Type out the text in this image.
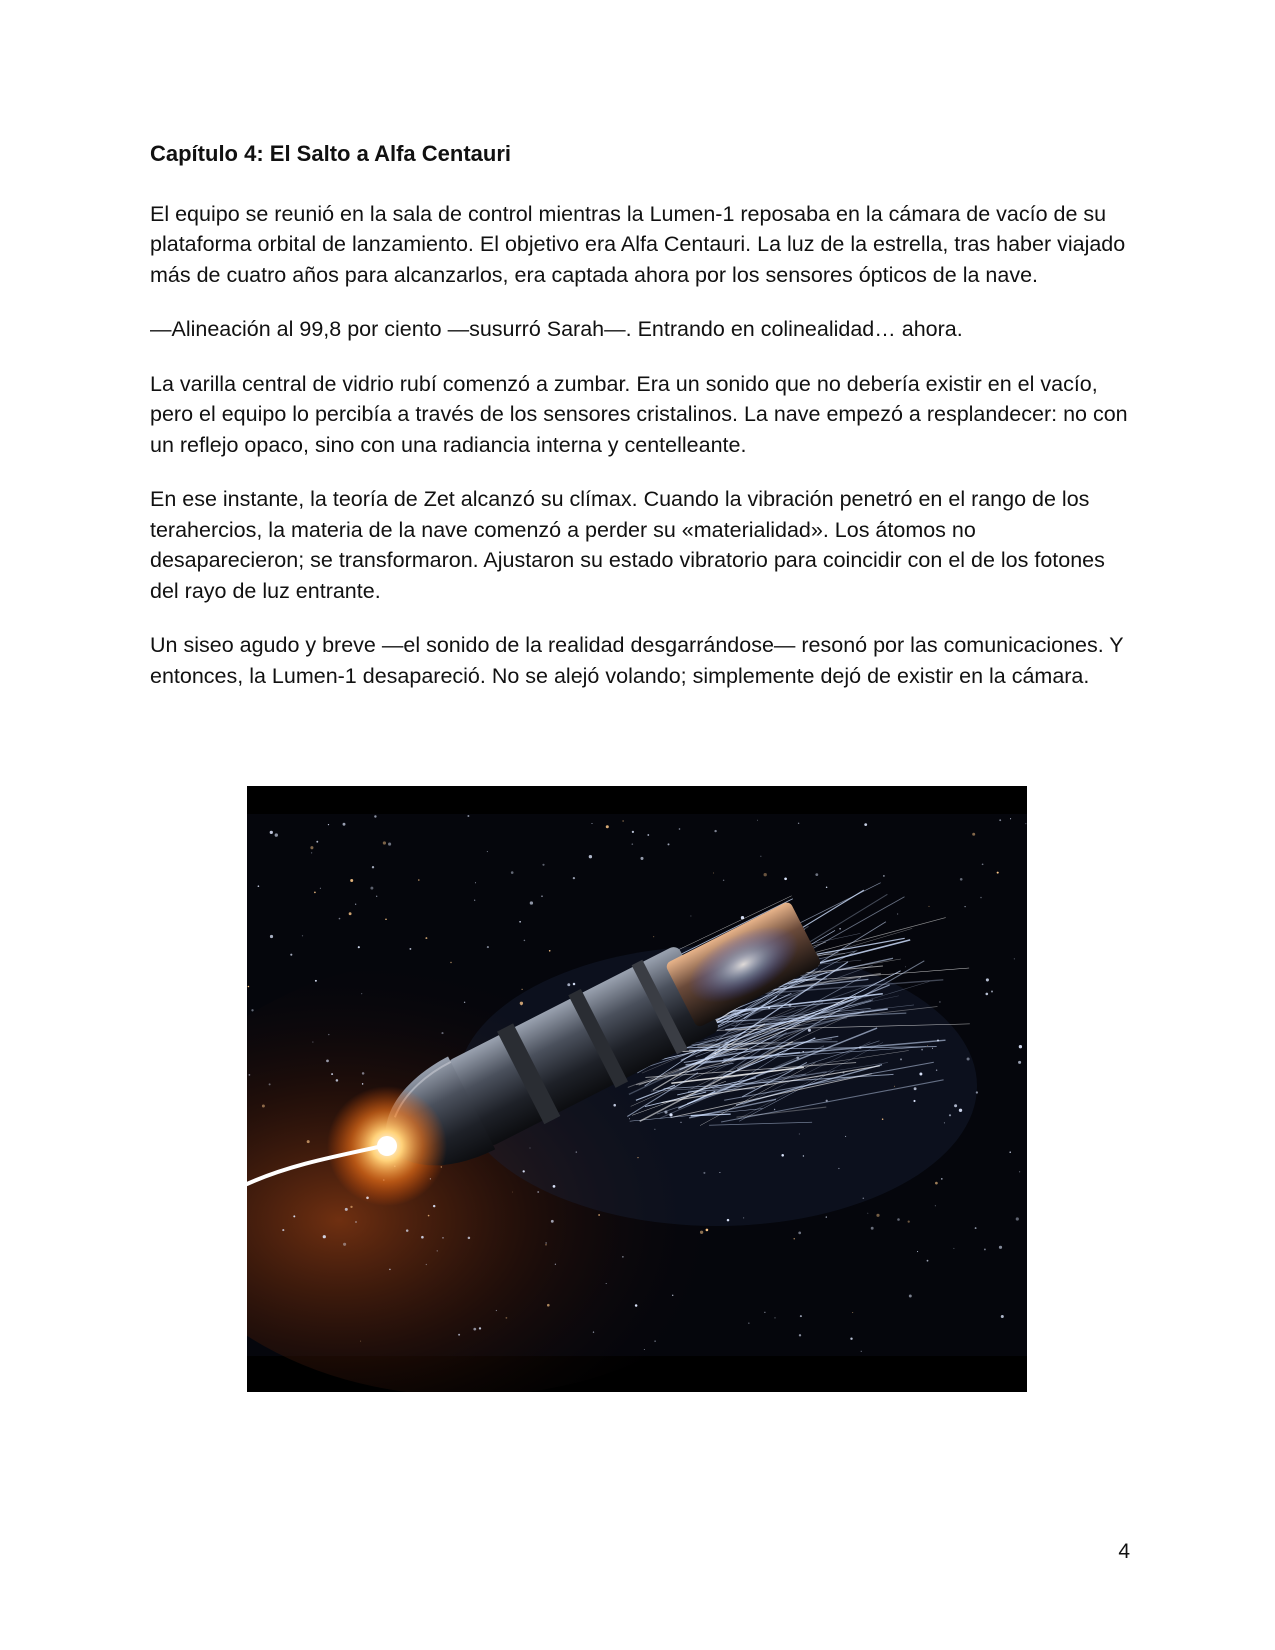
Capítulo 4: El Salto a Alfa Centauri

El equipo se reunió en la sala de control mientras la Lumen-1 reposaba en la cámara de vacío de su plataforma orbital de lanzamiento. El objetivo era Alfa Centauri. La luz de la estrella, tras haber viajado más de cuatro años para alcanzarlos, era captada ahora por los sensores ópticos de la nave.

—Alineación al 99,8 por ciento —susurró Sarah—. Entrando en colinealidad… ahora.

La varilla central de vidrio rubí comenzó a zumbar. Era un sonido que no debería existir en el vacío, pero el equipo lo percibía a través de los sensores cristalinos. La nave empezó a resplandecer: no con un reflejo opaco, sino con una radiancia interna y centelleante.

En ese instante, la teoría de Zet alcanzó su clímax. Cuando la vibración penetró en el rango de los terahercios, la materia de la nave comenzó a perder su «materialidad». Los átomos no desaparecieron; se transformaron. Ajustaron su estado vibratorio para coincidir con el de los fotones del rayo de luz entrante.

Un siseo agudo y breve —el sonido de la realidad desgarrándose— resonó por las comunicaciones. Y entonces, la Lumen-1 desapareció. No se alejó volando; simplemente dejó de existir en la cámara.

4
